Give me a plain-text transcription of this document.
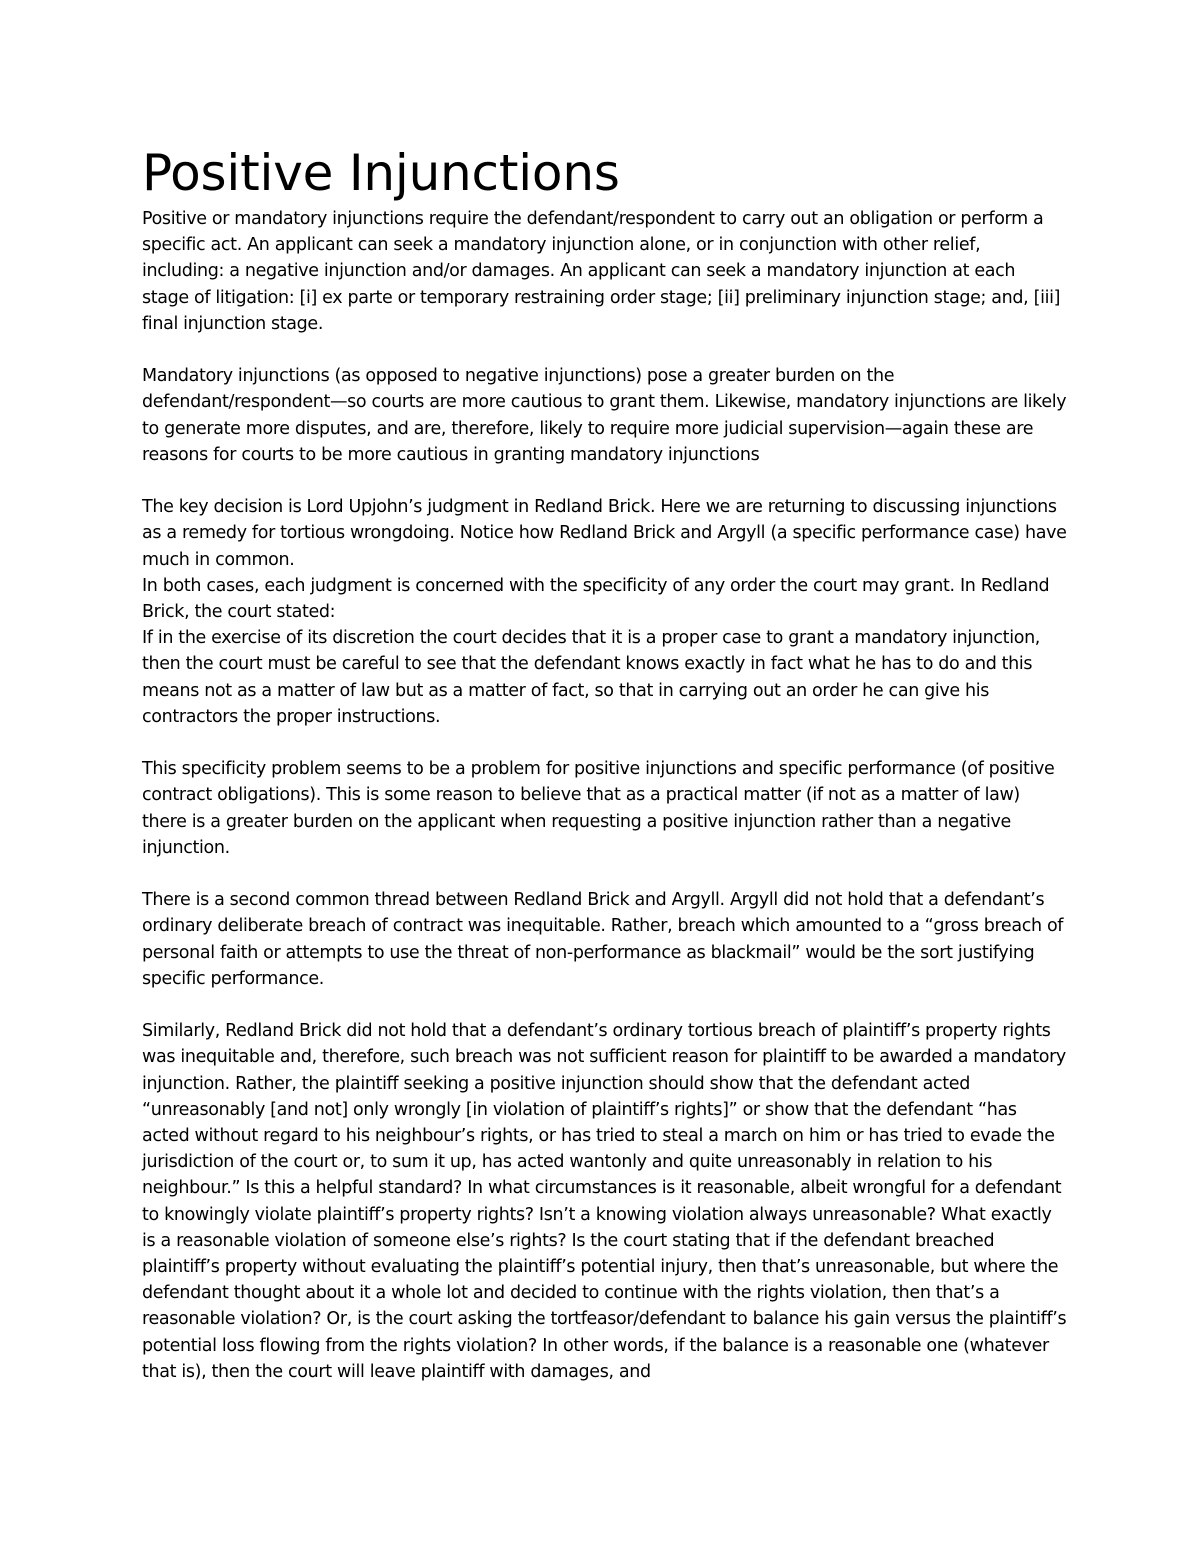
Positive Injunctions

Positive or mandatory injunctions require the defendant/respondent to carry out an obligation or perform a specific act. An applicant can seek a mandatory injunction alone, or in conjunction with other relief, including: a negative injunction and/or damages. An applicant can seek a mandatory injunction at each stage of litigation: [i] ex parte or temporary restraining order stage; [ii] preliminary injunction stage; and, [iii] final injunction stage.

Mandatory injunctions (as opposed to negative injunctions) pose a greater burden on the defendant/respondent—so courts are more cautious to grant them. Likewise, mandatory injunctions are likely to generate more disputes, and are, therefore, likely to require more judicial supervision—again these are reasons for courts to be more cautious in granting mandatory injunctions

The key decision is Lord Upjohn’s judgment in Redland Brick. Here we are returning to discussing injunctions as a remedy for tortious wrongdoing. Notice how Redland Brick and Argyll (a specific performance case) have much in common.

In both cases, each judgment is concerned with the specificity of any order the court may grant. In Redland Brick, the court stated:

If in the exercise of its discretion the court decides that it is a proper case to grant a mandatory injunction, then the court must be careful to see that the defendant knows exactly in fact what he has to do and this means not as a matter of law but as a matter of fact, so that in carrying out an order he can give his contractors the proper instructions.

This specificity problem seems to be a problem for positive injunctions and specific performance (of positive contract obligations). This is some reason to believe that as a practical matter (if not as a matter of law) there is a greater burden on the applicant when requesting a positive injunction rather than a negative injunction.

There is a second common thread between Redland Brick and Argyll. Argyll did not hold that a defendant’s ordinary deliberate breach of contract was inequitable. Rather, breach which amounted to a “gross breach of personal faith or attempts to use the threat of non-performance as blackmail” would be the sort justifying specific performance.

Similarly, Redland Brick did not hold that a defendant’s ordinary tortious breach of plaintiff’s property rights was inequitable and, therefore, such breach was not sufficient reason for plaintiff to be awarded a mandatory injunction. Rather, the plaintiff seeking a positive injunction should show that the defendant acted “unreasonably [and not] only wrongly [in violation of plaintiff’s rights]” or show that the defendant “has acted without regard to his neighbour’s rights, or has tried to steal a march on him or has tried to evade the jurisdiction of the court or, to sum it up, has acted wantonly and quite unreasonably in relation to his neighbour.” Is this a helpful standard? In what circumstances is it reasonable, albeit wrongful for a defendant to knowingly violate plaintiff’s property rights? Isn’t a knowing violation always unreasonable? What exactly is a reasonable violation of someone else’s rights? Is the court stating that if the defendant breached plaintiff’s property without evaluating the plaintiff’s potential injury, then that’s unreasonable, but where the defendant thought about it a whole lot and decided to continue with the rights violation, then that’s a reasonable violation? Or, is the court asking the tortfeasor/defendant to balance his gain versus the plaintiff’s potential loss flowing from the rights violation? In other words, if the balance is a reasonable one (whatever that is), then the court will leave plaintiff with damages, and
